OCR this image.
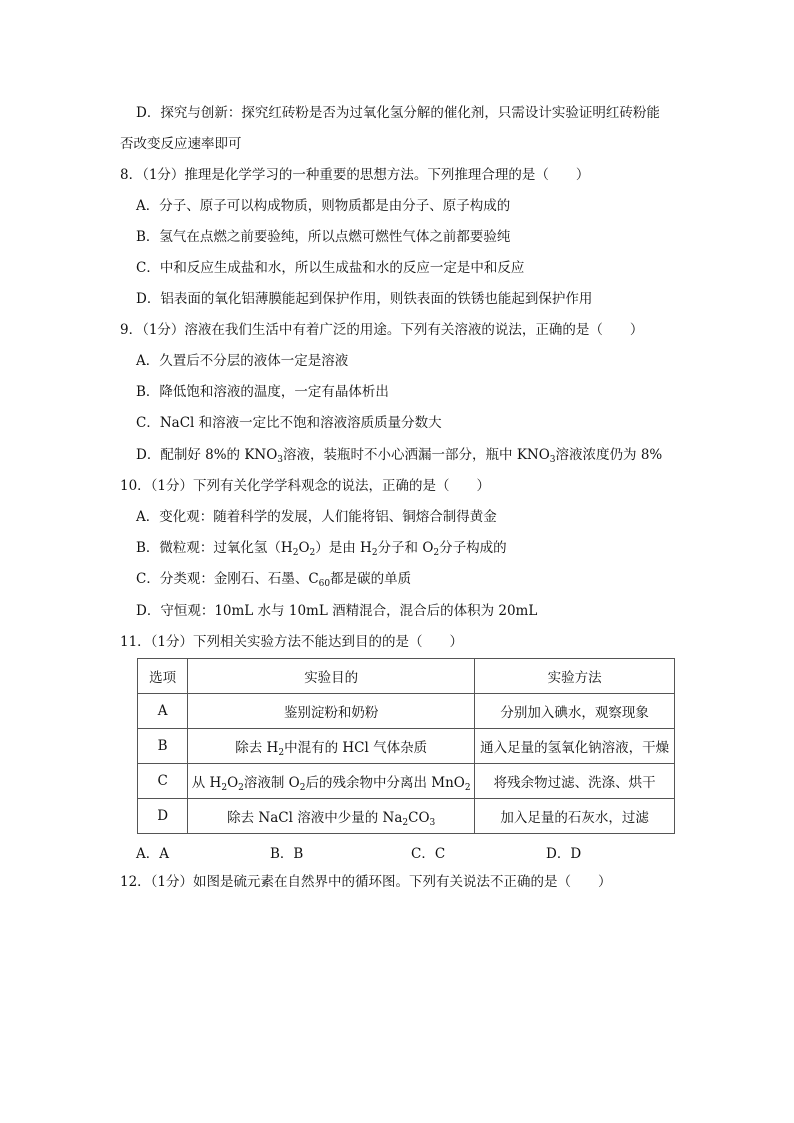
D．探究与创新：探究红砖粉是否为过氧化氢分解的催化剂，只需设计实验证明红砖粉能
否改变反应速率即可
8．（1分）推理是化学学习的一种重要的思想方法。下列推理合理的是（　　）
A．分子、原子可以构成物质，则物质都是由分子、原子构成的
B．氢气在点燃之前要验纯，所以点燃可燃性气体之前都要验纯
C．中和反应生成盐和水，所以生成盐和水的反应一定是中和反应
D．铝表面的氧化铝薄膜能起到保护作用，则铁表面的铁锈也能起到保护作用
9．（1分）溶液在我们生活中有着广泛的用途。下列有关溶液的说法，正确的是（　　）
A．久置后不分层的液体一定是溶液
B．降低饱和溶液的温度，一定有晶体析出
C．NaCl 和溶液一定比不饱和溶液溶质质量分数大
D．配制好 8%的 $KNO_3$溶液，装瓶时不小心洒漏一部分，瓶中 $KNO_3$溶液浓度仍为 8%
10．（1分）下列有关化学学科观念的说法，正确的是（　　）
A．变化观：随着科学的发展，人们能将铝、铜熔合制得黄金
B．微粒观：过氧化氢$(H_2O_2)$是由 $H_2$分子和 $O_2$分子构成的
C．分类观：金刚石、石墨、$C_{60}$都是碳的单质
D．守恒观：10mL 水与 10mL 酒精混合，混合后的体积为 20mL
11．（1分）下列相关实验方法不能达到目的的是（　　）
选项	实验目的	实验方法
A	鉴别淀粉和奶粉	分别加入碘水，观察现象
B	除去 $H_2$中混有的 HCl 气体杂质	通入足量的氢氧化钠溶液，干燥
C	从 $H_2O_2$溶液制 $O_2$后的残余物中分离出 MnO$_2$	将残余物过滤、洗涤、烘干
D	除去 NaCl 溶液中少量的 $Na_2CO_3$	加入足量的石灰水，过滤
A．A	B．B	C．C	D．D
12．（1分）如图是硫元素在自然界中的循环图。下列有关说法不正确的是（　　）
